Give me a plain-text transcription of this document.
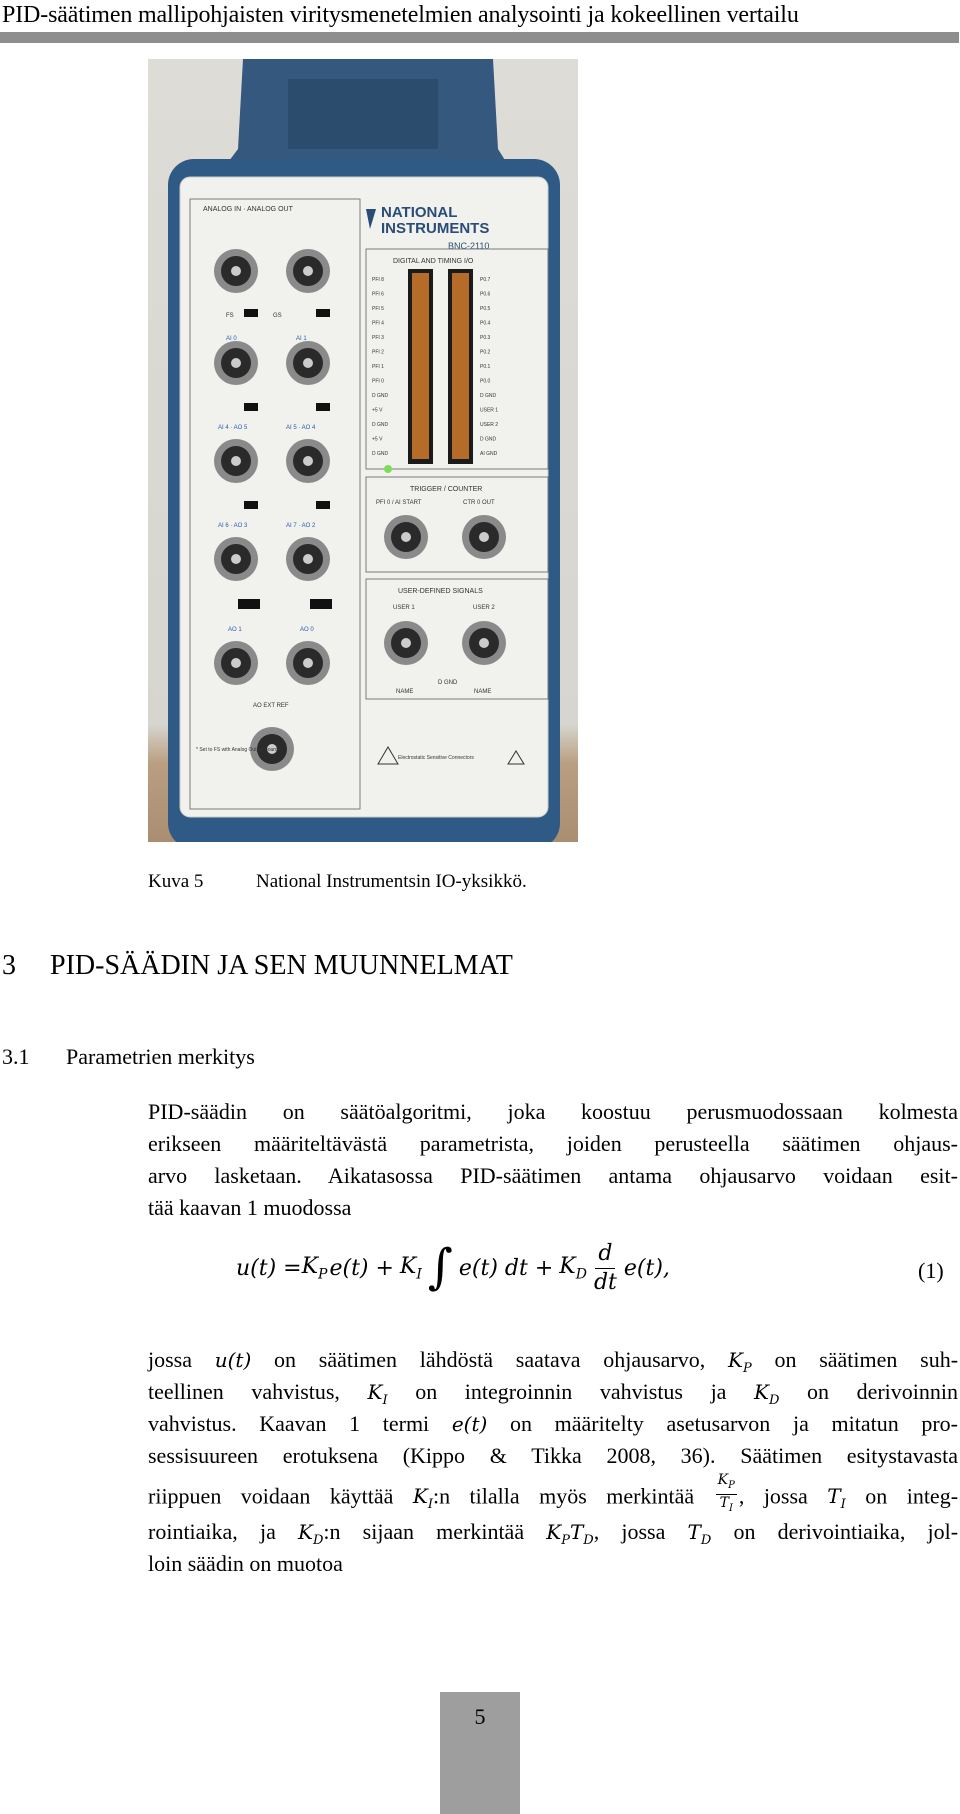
PID-säätimen mallipohjaisten viritysmenetelmien analysointi ja kokeellinen vertailu
NATIONAL
INSTRUMENTS
BNC-2110
ANALOG IN · ANALOG OUT
FS	GS
AI 0	AI 1
AI 4 · AO 5	AI 5 · AO 4
AI 6 · AO 3	AI 7 · AO 2
AO 1	AO 0
AO EXT REF
* Set to FS with Analog Output boards
DIGITAL AND TIMING I/O
TRIGGER / COUNTER
PFI 0 / AI START	CTR 0 OUT
USER-DEFINED SIGNALS
USER 1	USER 2
D GND
NAME	NAME
Electrostatic Sensitive Connectors
PFI 8
PFI 6
PFI 5
PFI 4
PFI 3
PFI 2
PFI 1
PFI 0
D GND
+5 V
D GND
+5 V
D GND
P0.7
P0.6
P0.5
P0.4
P0.3
P0.2
P0.1
P0.0
D GND
USER 1
USER 2
D GND
AI GND
Kuva 5	National Instrumentsin IO-yksikkö.
3 PID-SÄÄDIN JA SEN MUUNNELMAT
3.1 Parametrien merkitys
PID-säädin on säätöalgoritmi, joka koostuu perusmuodossaan kolmesta
erikseen määriteltävästä parametrista, joiden perusteella säätimen ohjaus-
arvo lasketaan. Aikatasossa PID-säätimen antama ohjausarvo voidaan esit-
tää kaavan 1 muodossa
$u(t) = K_P$ $e(t) + K_I$ ∫ e(t) dt + $K_D \frac{d}{dt} e(t)$,	(1)
jossa u(t) on säätimen lähdöstä saatava ohjausarvo, $K_P$ on säätimen suh-
teellinen vahvistus, $K_I$ on integroinnin vahvistus ja $K_D$ on derivoinnin
vahvistus. Kaavan 1 termi e(t) on määritelty asetusarvon ja mitatun pro-
sessisuureen erotuksena (Kippo & Tikka 2008, 36). Säätimen esitystavasta
riippuen voidaan käyttää $K_I:n$ tilalla myös merkintää $\frac{K_P}{T_I}$ , jossa $T_I$ on integ-
rointiaika, ja $K_D:n$ sijaan merkintää $K_PT_D$, jossa $T_D$ on derivointiaika, jol-
loin säädin on muotoa
5
